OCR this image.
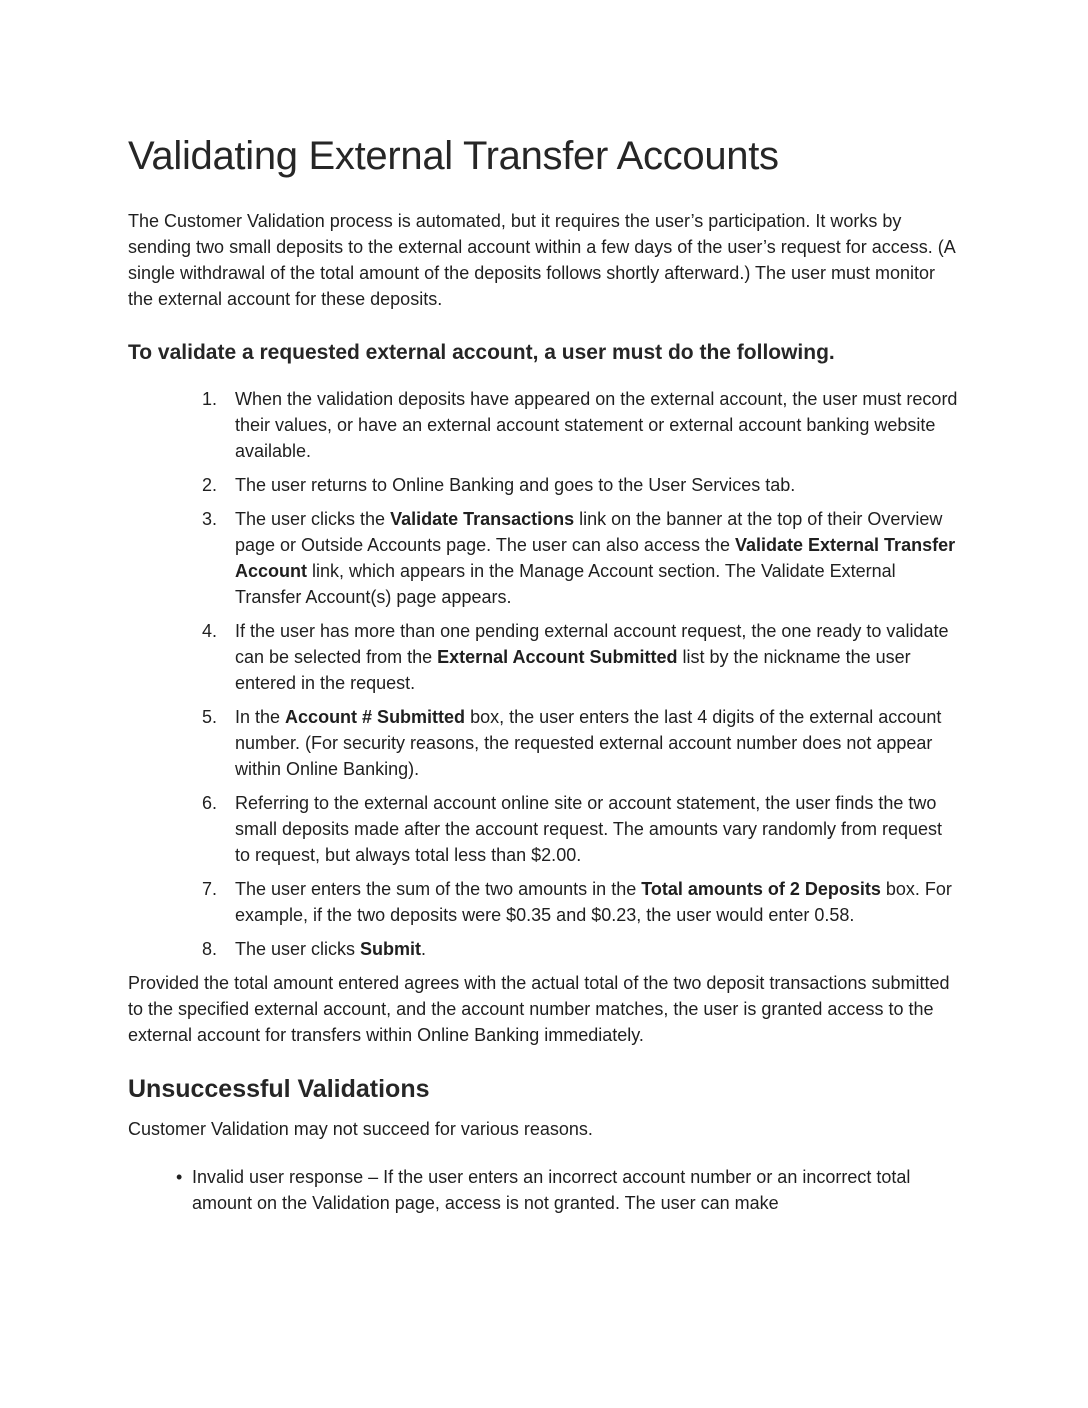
Validating External Transfer Accounts

The Customer Validation process is automated, but it requires the user’s participation. It works by sending two small deposits to the external account within a few days of the user’s request for access. (A single withdrawal of the total amount of the deposits follows shortly afterward.) The user must monitor the external account for these deposits.

To validate a requested external account, a user must do the following.
1. When the validation deposits have appeared on the external account, the user must record their values, or have an external account statement or external account banking website available.
2. The user returns to Online Banking and goes to the User Services tab.
3. The user clicks the Validate Transactions link on the banner at the top of their Overview page or Outside Accounts page. The user can also access the Validate External Transfer Account link, which appears in the Manage Account section. The Validate External Transfer Account(s) page appears.
4. If the user has more than one pending external account request, the one ready to validate can be selected from the External Account Submitted list by the nickname the user entered in the request.
5. In the Account # Submitted box, the user enters the last 4 digits of the external account number. (For security reasons, the requested external account number does not appear within Online Banking).
6. Referring to the external account online site or account statement, the user finds the two small deposits made after the account request. The amounts vary randomly from request to request, but always total less than $2.00.
7. The user enters the sum of the two amounts in the Total amounts of 2 Deposits box. For example, if the two deposits were $0.35 and $0.23, the user would enter 0.58.
8. The user clicks Submit.

Provided the total amount entered agrees with the actual total of the two deposit transactions submitted to the specified external account, and the account number matches, the user is granted access to the external account for transfers within Online Banking immediately.

Unsuccessful Validations

Customer Validation may not succeed for various reasons.

• Invalid user response – If the user enters an incorrect account number or an incorrect total amount on the Validation page, access is not granted. The user can make
